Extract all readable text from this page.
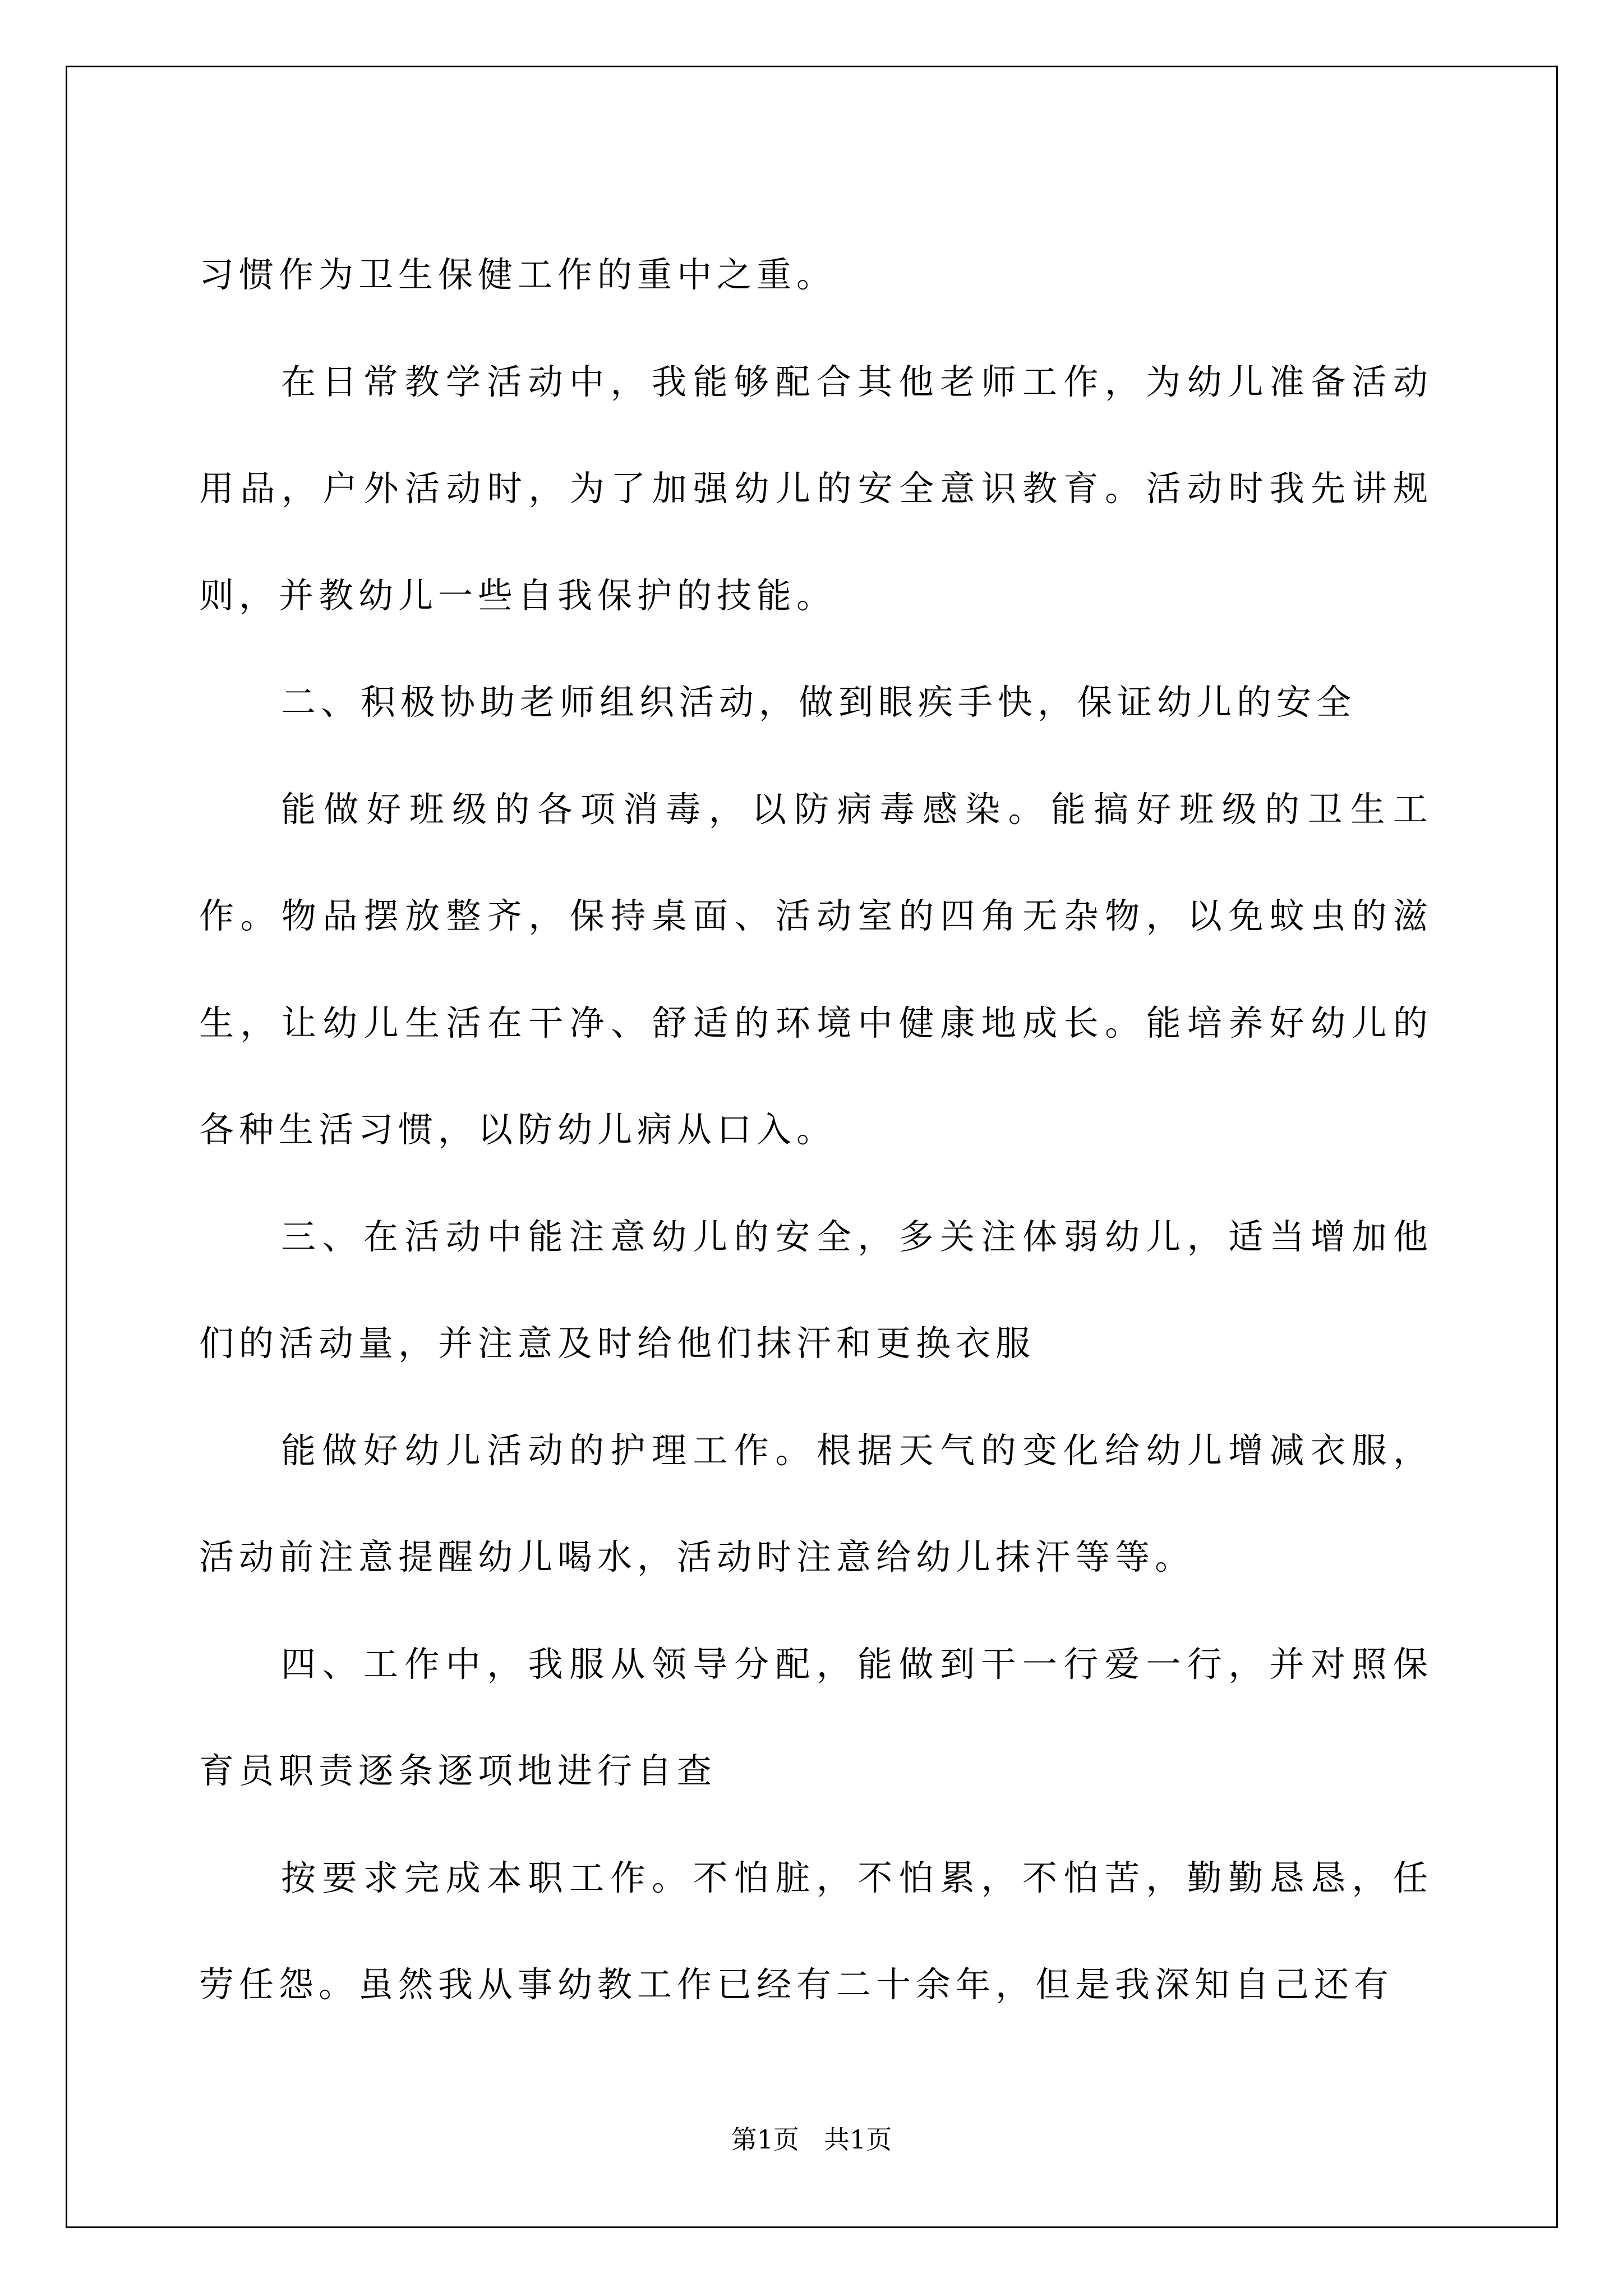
习惯作为卫生保健工作的重中之重。

在日常教学活动中，我能够配合其他老师工作，为幼儿准备活动用品，户外活动时，为了加强幼儿的安全意识教育。活动时我先讲规则，并教幼儿一些自我保护的技能。

二、积极协助老师组织活动，做到眼疾手快，保证幼儿的安全

能做好班级的各项消毒，以防病毒感染。能搞好班级的卫生工作。物品摆放整齐，保持桌面、活动室的四角无杂物，以免蚊虫的滋生，让幼儿生活在干净、舒适的环境中健康地成长。能培养好幼儿的各种生活习惯，以防幼儿病从口入。

三、在活动中能注意幼儿的安全，多关注体弱幼儿，适当增加他们的活动量，并注意及时给他们抹汗和更换衣服

能做好幼儿活动的护理工作。根据天气的变化给幼儿增减衣服，活动前注意提醒幼儿喝水，活动时注意给幼儿抹汗等等。

四、工作中，我服从领导分配，能做到干一行爱一行，并对照保育员职责逐条逐项地进行自查

按要求完成本职工作。不怕脏，不怕累，不怕苦，勤勤恳恳，任劳任怨。虽然我从事幼教工作已经有二十余年，但是我深知自己还有

第1页 共1页
